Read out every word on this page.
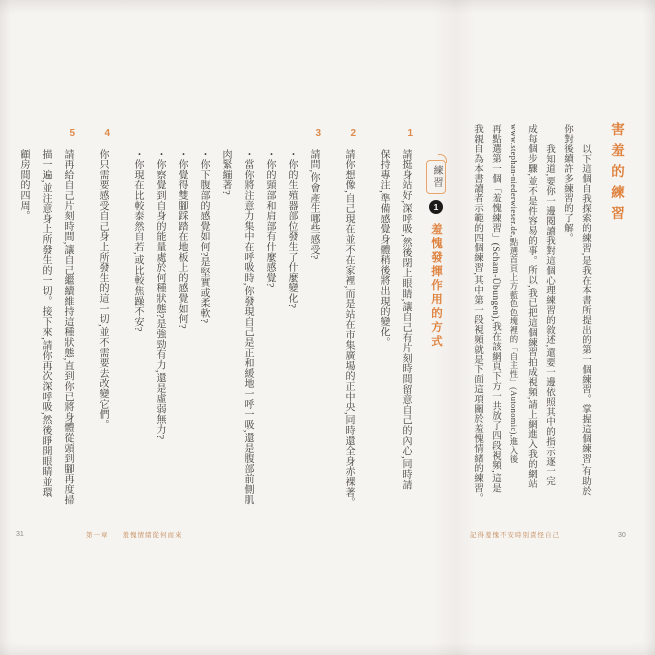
害羞的練習
以下這個自我探索的練習,是我在本書所提出的第一個練習。掌握這個練習,有助於
你對後續許多練習的了解。
我知道,要你一邊閱讀我對這個心理練習的敘述,還要一邊依照其中的指示逐一完
成每個步驟,並不是件容易的事。所以,我已把這個練習拍成視頻,請上網進入我的網站
www.stephan-niederwieser.de,點選首頁上方藍色色塊裡的「自主性」(Autonomic),進入後
再點選第一個「羞愧練習」(Scham-Übungen),我在該網頁下方一共放了四段視頻,這是
我親自為本書讀者示範的四個練習,其中第一段視頻就是下面這項關於羞愧情緒的練習。
記得羞愧不安時別責怪自己	30
練習
1
羞愧發揮作用的方式
1
請挺身站好,深呼吸,然後閉上眼睛,讓自己有片刻時間留意自己的內心,同時請
保持專注,準備感覺身體稍後將出現的變化。
2
請你想像,自己現在並不在家裡,而是站在市集廣場的正中央,同時還全身赤裸著。
3
請問,你會產生哪些感受?
・你的生殖器部位發生了什麼變化?
・你的頸部和肩部有什麼感覺?
・當你將注意力集中在呼吸時,你發現自己是正和緩地一呼一吸,還是腹部前側肌
肉緊繃著?
・你下腹部的感覺如何?是堅實或柔軟?
・你覺得雙腳踩踏在地板上的感覺如何?
・你察覺到自身的能量處於何種狀態?是強勁有力,還是虛弱無力?
・你現在比較泰然自若,或比較焦躁不安?
4
你只需要感受自己身上所發生的這一切,並不需要去改變它們。
5
請再給自己片刻時間,讓自己繼續維持這種狀態,直到你已將身體從頭到腳再度掃
描一遍,並注意身上所發生的一切。接下來,請你再次深呼吸,然後睜開眼睛並環
顧房間的四周。
第一章 羞愧情緒從何而來
31
